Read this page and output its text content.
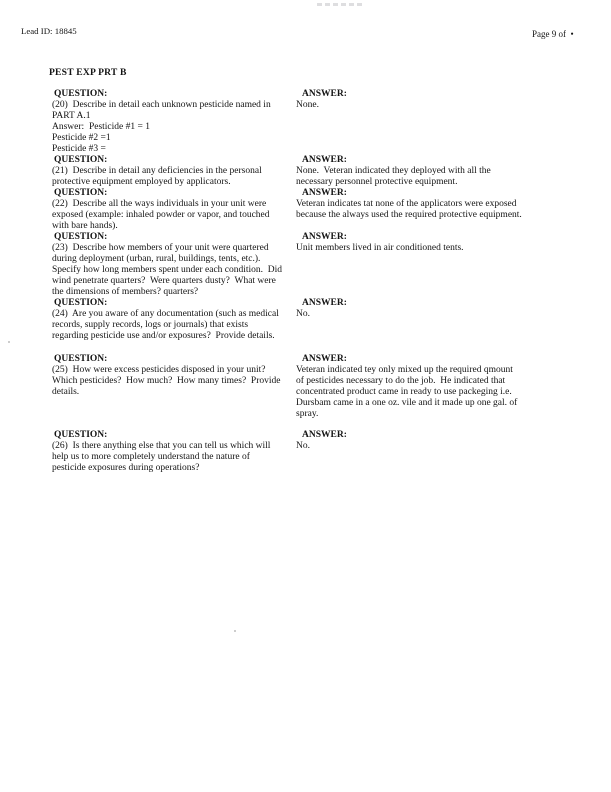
Lead ID: 18845	Page 9 of  •
PEST EXP PRT B
QUESTION:
(20)  Describe in detail each unknown pesticide named in
PART A.1
Answer:  Pesticide #1 = 1
Pesticide #2 =1
Pesticide #3 =
ANSWER:
None.
QUESTION:
(21)  Describe in detail any deficiencies in the personal
protective equipment employed by applicators.
ANSWER:
None.  Veteran indicated they deployed with all the
necessary personnel protective equipment.
QUESTION:
(22)  Describe all the ways individuals in your unit were
exposed (example: inhaled powder or vapor, and touched
with bare hands).
ANSWER:
Veteran indicates tat none of the applicators were exposed
because the always used the required protective equipment.
QUESTION:
(23)  Describe how members of your unit were quartered
during deployment (urban, rural, buildings, tents, etc.).
Specify how long members spent under each condition.  Did
wind penetrate quarters?  Were quarters dusty?  What were
the dimensions of members? quarters?
ANSWER:
Unit members lived in air conditioned tents.
QUESTION:
(24)  Are you aware of any documentation (such as medical
records, supply records, logs or journals) that exists
regarding pesticide use and/or exposures?  Provide details.
ANSWER:
No.
QUESTION:
(25)  How were excess pesticides disposed in your unit?
Which pesticides?  How much?  How many times?  Provide
details.
ANSWER:
Veteran indicated tey only mixed up the required qmount
of pesticides necessary to do the job.  He indicated that
concentrated product came in ready to use packeging i.e.
Dursbam came in a one oz. vile and it made up one gal. of
spray.
QUESTION:
(26)  Is there anything else that you can tell us which will
help us to more completely understand the nature of
pesticide exposures during operations?
ANSWER:
No.
